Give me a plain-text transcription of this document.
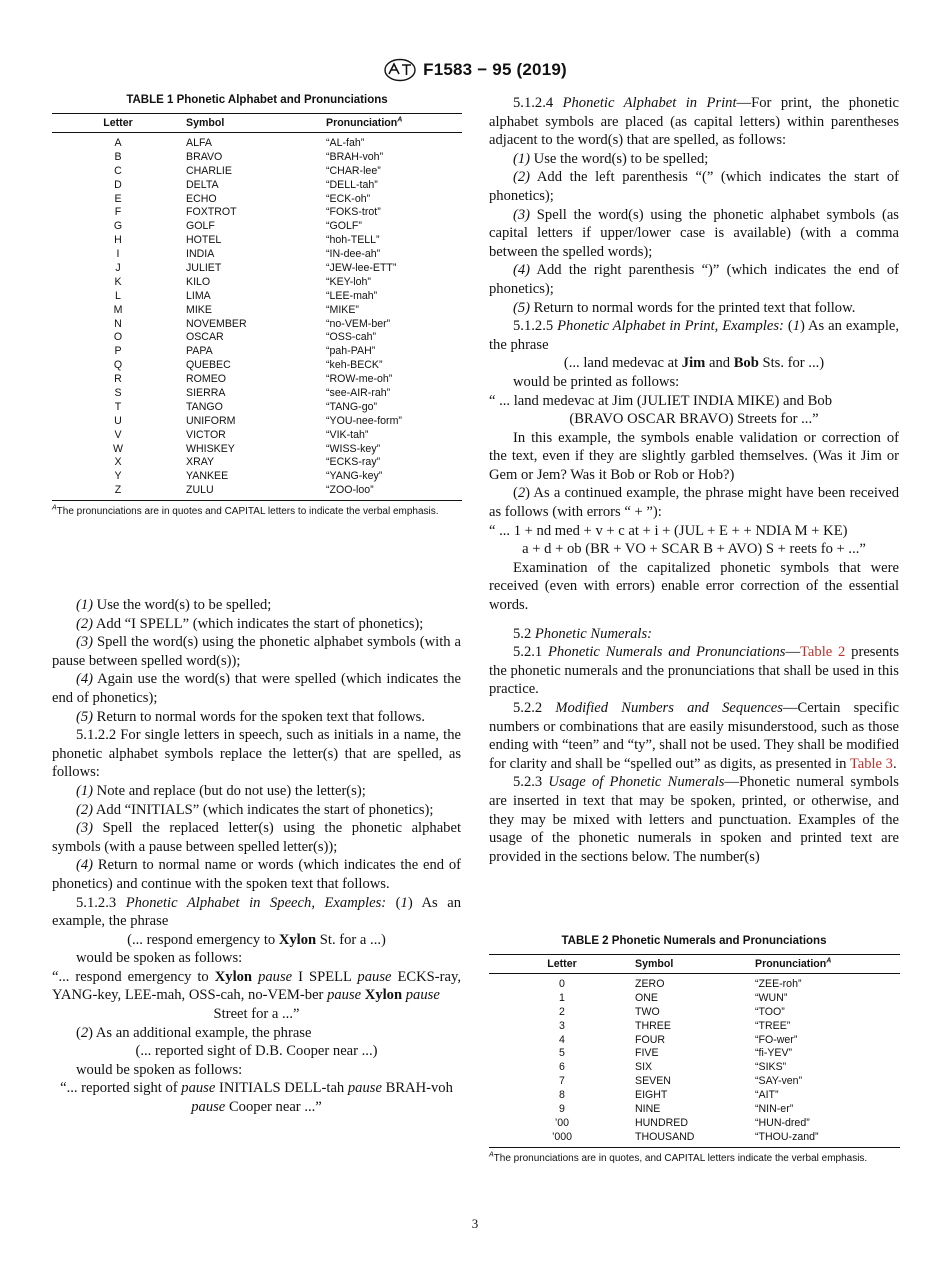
F1583 − 95 (2019)
TABLE 1 Phonetic Alphabet and Pronunciations
Letter	Symbol	Pronunciation$^A$
A	ALFA	“AL-fah”
B	BRAVO	“BRAH-voh”
C	CHARLIE	“CHAR-lee”
D	DELTA	“DELL-tah”
E	ECHO	“ECK-oh”
F	FOXTROT	“FOKS-trot”
G	GOLF	“GOLF”
H	HOTEL	“hoh-TELL”
I	INDIA	“IN-dee-ah”
J	JULIET	“JEW-lee-ETT”
K	KILO	“KEY-loh”
L	LIMA	“LEE-mah”
M	MIKE	“MIKE”
N	NOVEMBER	“no-VEM-ber”
O	OSCAR	“OSS-cah”
P	PAPA	“pah-PAH”
Q	QUEBEC	“keh-BECK”
R	ROMEO	“ROW-me-oh”
S	SIERRA	“see-AIR-rah”
T	TANGO	“TANG-go”
U	UNIFORM	“YOU-nee-form”
V	VICTOR	“VIK-tah”
W	WHISKEY	“WISS-key”
X	XRAY	“ECKS-ray”
Y	YANKEE	“YANG-key”
Z	ZULU	“ZOO-loo”
$^A$The pronunciations are in quotes and CAPITAL letters to indicate the verbal emphasis.

(1) Use the word(s) to be spelled;

(2) Add “I SPELL” (which indicates the start of phonetics);

(3) Spell the word(s) using the phonetic alphabet symbols (with a pause between spelled word(s));

(4) Again use the word(s) that were spelled (which indicates the end of phonetics);

(5) Return to normal words for the spoken text that follows.

5.1.2.2 For single letters in speech, such as initials in a name, the phonetic alphabet symbols replace the letter(s) that are spelled, as follows:

(1) Note and replace (but do not use) the letter(s);

(2) Add “INITIALS” (which indicates the start of phonetics);

(3) Spell the replaced letter(s) using the phonetic alphabet symbols (with a pause between spelled letter(s));

(4) Return to normal name or words (which indicates the end of phonetics) and continue with the spoken text that follows.

5.1.2.3 Phonetic Alphabet in Speech, Examples: (1) As an example, the phrase

(... respond emergency to Xylon St. for a ...)

would be spoken as follows:

“... respond emergency to Xylon pause I SPELL pause ECKS-ray, YANG-key, LEE-mah, OSS-cah, no-VEM-ber pause Xylon pause

Street for a ...”

(2) As an additional example, the phrase

(... reported sight of D.B. Cooper near ...)

would be spoken as follows:

“... reported sight of pause INITIALS DELL-tah pause BRAH-voh pause Cooper near ...”

5.1.2.4 Phonetic Alphabet in Print—For print, the phonetic alphabet symbols are placed (as capital letters) within parentheses adjacent to the word(s) that are spelled, as follows:

(1) Use the word(s) to be spelled;

(2) Add the left parenthesis “(” (which indicates the start of phonetics);

(3) Spell the word(s) using the phonetic alphabet symbols (as capital letters if upper/lower case is available) (with a comma between the spelled words);

(4) Add the right parenthesis “)” (which indicates the end of phonetics);

(5) Return to normal words for the printed text that follow.

5.1.2.5 Phonetic Alphabet in Print, Examples: (1) As an example, the phrase

(... land medevac at Jim and Bob Sts. for ...)

would be printed as follows:

“ ... land medevac at Jim (JULIET INDIA MIKE) and Bob

(BRAVO OSCAR BRAVO) Streets for ...”

In this example, the symbols enable validation or correction of the text, even if they are slightly garbled themselves. (Was it Jim or Gem or Jem? Was it Bob or Rob or Hob?)

(2) As a continued example, the phrase might have been received as follows (with errors “ + ”):

“ ... 1 + nd med + v + c at + i + (JUL + E + + NDIA M + KE)

a + d + ob (BR + VO + SCAR B + AVO) S + reets fo + ...”

Examination of the capitalized phonetic symbols that were received (even with errors) enable error correction of the essential words.

5.2 Phonetic Numerals:

5.2.1 Phonetic Numerals and Pronunciations—Table 2 presents the phonetic numerals and the pronunciations that shall be used in this practice.

5.2.2 Modified Numbers and Sequences—Certain specific numbers or combinations that are easily misunderstood, such as those ending with “teen” and “ty”, shall not be used. They shall be modified for clarity and shall be “spelled out” as digits, as presented in Table 3.

5.2.3 Usage of Phonetic Numerals—Phonetic numeral symbols are inserted in text that may be spoken, printed, or otherwise, and they may be mixed with letters and punctuation. Examples of the usage of the phonetic numerals in spoken and printed text are provided in the sections below. The number(s)

TABLE 2 Phonetic Numerals and Pronunciations
Letter	Symbol	Pronunciation$^A$
0	ZERO	“ZEE-roh”
1	ONE	“WUN”
2	TWO	“TOO”
3	THREE	“TREE”
4	FOUR	“FO-wer”
5	FIVE	“fi-YEV”
6	SIX	“SIKS”
7	SEVEN	“SAY-ven”
8	EIGHT	“AIT”
9	NINE	“NIN-er”
’00	HUNDRED	“HUN-dred”
’000	THOUSAND	“THOU-zand”
$^A$The pronunciations are in quotes, and CAPITAL letters indicate the verbal emphasis.
3
